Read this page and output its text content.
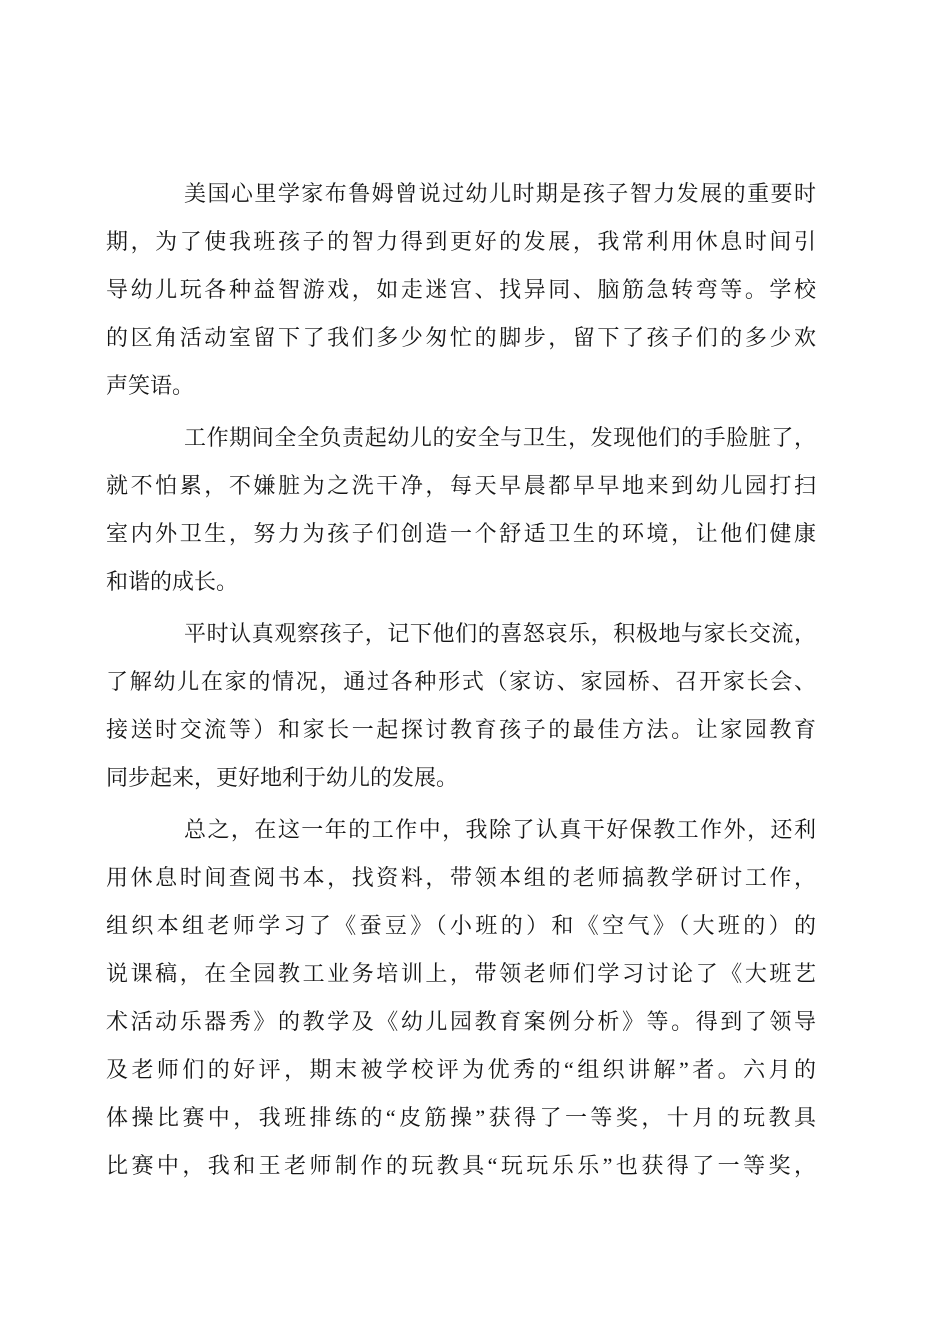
美国心里学家布鲁姆曾说过幼儿时期是孩子智力发展的重要时
期，为了使我班孩子的智力得到更好的发展，我常利用休息时间引
导幼儿玩各种益智游戏，如走迷宫、找异同、脑筋急转弯等。学校
的区角活动室留下了我们多少匆忙的脚步，留下了孩子们的多少欢
声笑语。
工作期间全全负责起幼儿的安全与卫生，发现他们的手脸脏了，
就不怕累，不嫌脏为之洗干净，每天早晨都早早地来到幼儿园打扫
室内外卫生，努力为孩子们创造一个舒适卫生的环境，让他们健康
和谐的成长。
平时认真观察孩子，记下他们的喜怒哀乐，积极地与家长交流，
了解幼儿在家的情况，通过各种形式（家访、家园桥、召开家长会、
接送时交流等）和家长一起探讨教育孩子的最佳方法。让家园教育
同步起来，更好地利于幼儿的发展。
总之，在这一年的工作中，我除了认真干好保教工作外，还利
用休息时间查阅书本，找资料，带领本组的老师搞教学研讨工作，
组织本组老师学习了《蚕豆》（小班的）和《空气》（大班的）的
说课稿，在全园教工业务培训上，带领老师们学习讨论了《大班艺
术活动乐器秀》的教学及《幼儿园教育案例分析》等。得到了领导
及老师们的好评，期末被学校评为优秀的“组织讲解”者。六月的
体操比赛中，我班排练的“皮筋操”获得了一等奖，十月的玩教具
比赛中，我和王老师制作的玩教具“玩玩乐乐”也获得了一等奖，
